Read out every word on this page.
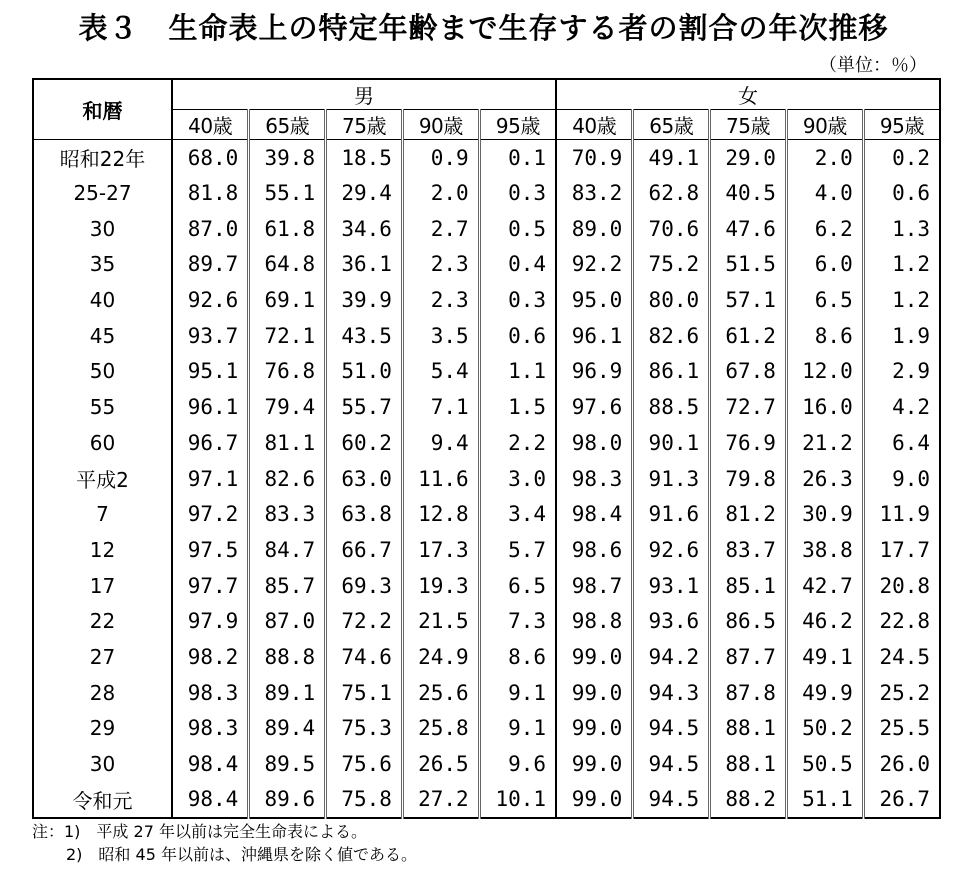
表３　生命表上の特定年齢まで生存する者の割合の年次推移
（単位：％）
和暦	男					女				
	40歳	65歳	75歳	90歳	95歳	40歳	65歳	75歳	90歳	95歳
昭和22年	68.0	39.8	18.5	0.9	0.1	70.9	49.1	29.0	2.0	0.2
25-27	81.8	55.1	29.4	2.0	0.3	83.2	62.8	40.5	4.0	0.6
30	87.0	61.8	34.6	2.7	0.5	89.0	70.6	47.6	6.2	1.3
35	89.7	64.8	36.1	2.3	0.4	92.2	75.2	51.5	6.0	1.2
40	92.6	69.1	39.9	2.3	0.3	95.0	80.0	57.1	6.5	1.2
45	93.7	72.1	43.5	3.5	0.6	96.1	82.6	61.2	8.6	1.9
50	95.1	76.8	51.0	5.4	1.1	96.9	86.1	67.8	12.0	2.9
55	96.1	79.4	55.7	7.1	1.5	97.6	88.5	72.7	16.0	4.2
60	96.7	81.1	60.2	9.4	2.2	98.0	90.1	76.9	21.2	6.4
平成2	97.1	82.6	63.0	11.6	3.0	98.3	91.3	79.8	26.3	9.0
7	97.2	83.3	63.8	12.8	3.4	98.4	91.6	81.2	30.9	11.9
12	97.5	84.7	66.7	17.3	5.7	98.6	92.6	83.7	38.8	17.7
17	97.7	85.7	69.3	19.3	6.5	98.7	93.1	85.1	42.7	20.8
22	97.9	87.0	72.2	21.5	7.3	98.8	93.6	86.5	46.2	22.8
27	98.2	88.8	74.6	24.9	8.6	99.0	94.2	87.7	49.1	24.5
28	98.3	89.1	75.1	25.6	9.1	99.0	94.3	87.8	49.9	25.2
29	98.3	89.4	75.3	25.8	9.1	99.0	94.5	88.1	50.2	25.5
30	98.4	89.5	75.6	26.5	9.6	99.0	94.5	88.1	50.5	26.0
令和元	98.4	89.6	75.8	27.2	10.1	99.0	94.5	88.2	51.1	26.7
注：1)　平成 27 年以前は完全生命表による。
2)　昭和 45 年以前は、沖縄県を除く値である。
